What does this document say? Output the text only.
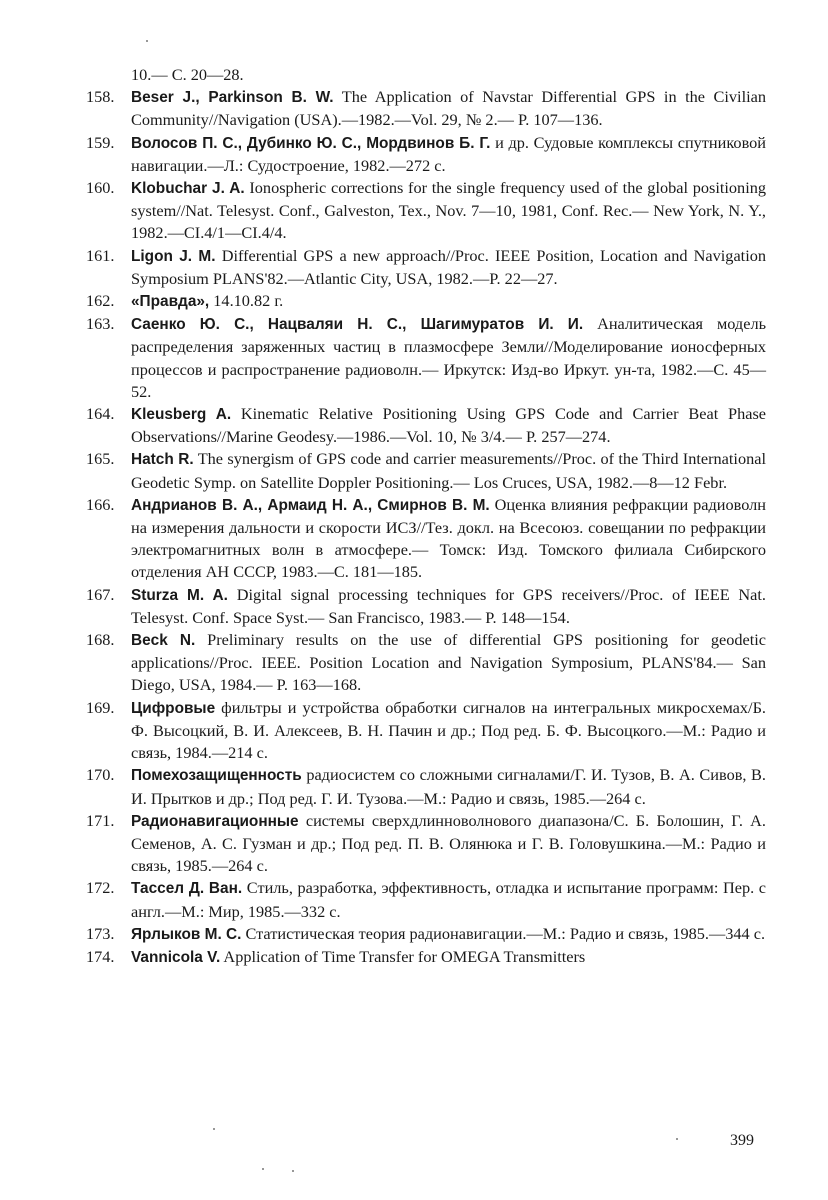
10.— С. 20—28.
158.	Beser J., Parkinson B. W. The Application of Navstar Differential GPS in the Civilian Community//Navigation (USA).—1982.—Vol. 29, № 2.— P. 107—136.
159.	Волосов П. С., Дубинко Ю. С., Мордвинов Б. Г. и др. Судовые комплексы спутниковой навигации.—Л.: Судостроение, 1982.—272 с.
160.	Klobuchar J. A. Ionospheric corrections for the single frequency used of the global positioning system//Nat. Telesyst. Conf., Galveston, Tex., Nov. 7—10, 1981, Conf. Rec.— New York, N. Y., 1982.—CI.4/1—CI.4/4.
161.	Ligon J. M. Differential GPS a new approach//Proc. IEEE Position, Location and Navigation Symposium PLANS'82.—Atlantic City, USA, 1982.—P. 22—27.
162.	«Правда», 14.10.82 г.
163.	Саенко Ю. С., Нацваляи Н. С., Шагимуратов И. И. Аналитическая модель распределения заряженных частиц в плазмосфере Земли//Моделирование ионосферных процессов и распространение радиоволн.— Иркутск: Изд-во Иркут. ун-та, 1982.—С. 45—52.
164.	Kleusberg A. Kinematic Relative Positioning Using GPS Code and Carrier Beat Phase Observations//Marine Geodesy.—1986.—Vol. 10, № 3/4.— P. 257—274.
165.	Hatch R. The synergism of GPS code and carrier measurements//Proc. of the Third International Geodetic Symp. on Satellite Doppler Positioning.— Los Cruces, USA, 1982.—8—12 Febr.
166.	Андрианов В. А., Армаид Н. А., Смирнов В. М. Оценка влияния рефракции радиоволн на измерения дальности и скорости ИСЗ//Тез. докл. на Всесоюз. совещании по рефракции электромагнитных волн в атмосфере.— Томск: Изд. Томского филиала Сибирского отделения АН СССР, 1983.—С. 181—185.
167.	Sturza M. A. Digital signal processing techniques for GPS receivers//Proc. of IEEE Nat. Telesyst. Conf. Space Syst.— San Francisco, 1983.— P. 148—154.
168.	Beck N. Preliminary results on the use of differential GPS positioning for geodetic applications//Proc. IEEE. Position Location and Navigation Symposium, PLANS'84.— San Diego, USA, 1984.— P. 163—168.
169.	Цифровые фильтры и устройства обработки сигналов на интегральных микросхемах/Б. Ф. Высоцкий, В. И. Алексеев, В. Н. Пачин и др.; Под ред. Б. Ф. Высоцкого.—М.: Радио и связь, 1984.—214 с.
170.	Помехозащищенность радиосистем со сложными сигналами/Г. И. Тузов, В. А. Сивов, В. И. Прытков и др.; Под ред. Г. И. Тузова.—М.: Радио и связь, 1985.—264 с.
171.	Радионавигационные системы сверхдлинноволнового диапазона/С. Б. Болошин, Г. А. Семенов, А. С. Гузман и др.; Под ред. П. В. Олянюка и Г. В. Головушкина.—М.: Радио и связь, 1985.—264 с.
172.	Тассел Д. Ван. Стиль, разработка, эффективность, отладка и испытание программ: Пер. с англ.—М.: Мир, 1985.—332 с.
173.	Ярлыков М. С. Статистическая теория радионавигации.—М.: Радио и связь, 1985.—344 с.
174.	Vannicola V. Application of Time Transfer for OMEGA Transmitters
399
